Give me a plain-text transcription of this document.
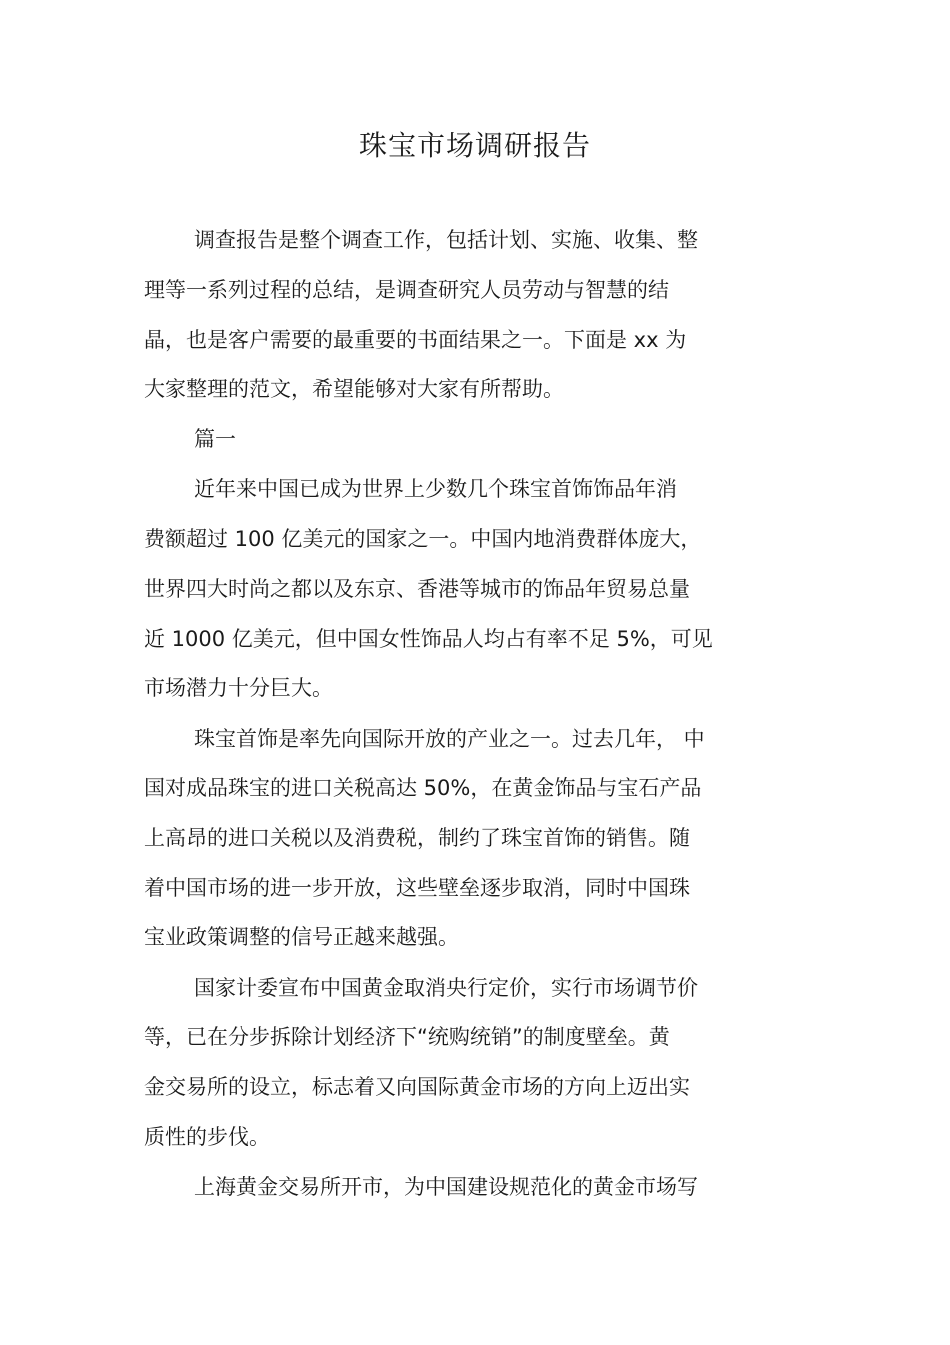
珠宝市场调研报告
调查报告是整个调查工作，包括计划、实施、收集、整
理等一系列过程的总结，是调查研究人员劳动与智慧的结
晶，也是客户需要的最重要的书面结果之一。下面是 xx 为
大家整理的范文，希望能够对大家有所帮助。
篇一
近年来中国已成为世界上少数几个珠宝首饰饰品年消
费额超过 100 亿美元的国家之一。中国内地消费群体庞大，
世界四大时尚之都以及东京、香港等城市的饰品年贸易总量
近 1000 亿美元，但中国女性饰品人均占有率不足 5%，可见
市场潜力十分巨大。
珠宝首饰是率先向国际开放的产业之一。过去几年， 中
国对成品珠宝的进口关税高达 50%，在黄金饰品与宝石产品
上高昂的进口关税以及消费税，制约了珠宝首饰的销售。随
着中国市场的进一步开放，这些壁垒逐步取消，同时中国珠
宝业政策调整的信号正越来越强。
国家计委宣布中国黄金取消央行定价，实行市场调节价
等，已在分步拆除计划经济下“统购统销”的制度壁垒。黄
金交易所的设立，标志着又向国际黄金市场的方向上迈出实
质性的步伐。
上海黄金交易所开市，为中国建设规范化的黄金市场写
